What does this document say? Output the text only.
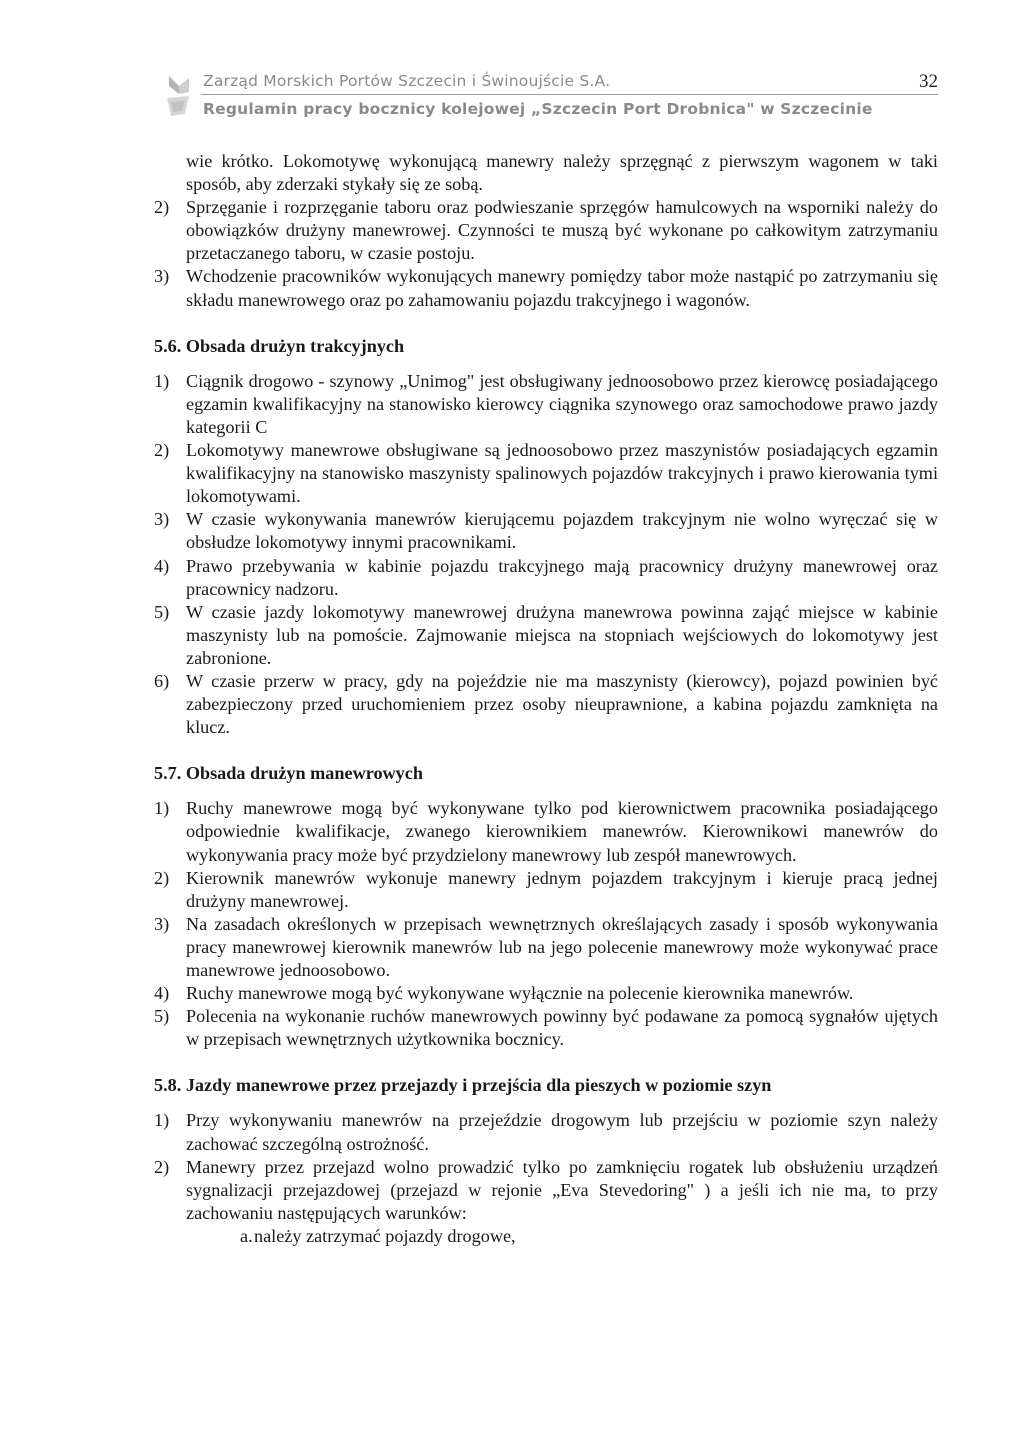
Zarząd Morskich Portów Szczecin i Świnoujście S.A.	32
Regulamin pracy bocznicy kolejowej „Szczecin Port Drobnica" w Szczecinie

wie krótko. Lokomotywę wykonującą manewry należy sprzęgnąć z pierwszym wagonem w taki sposób, aby zderzaki stykały się ze sobą.

2) Sprzęganie i rozprzęganie taboru oraz podwieszanie sprzęgów hamulcowych na wsporniki należy do obowiązków drużyny manewrowej. Czynności te muszą być wykonane po całkowitym zatrzymaniu przetaczanego taboru, w czasie postoju.
3) Wchodzenie pracowników wykonujących manewry pomiędzy tabor może nastąpić po zatrzymaniu się składu manewrowego oraz po zahamowaniu pojazdu trakcyjnego i wagonów.

5.6. Obsada drużyn trakcyjnych

1) Ciągnik drogowo - szynowy „Unimog" jest obsługiwany jednoosobowo przez kierowcę posiadającego egzamin kwalifikacyjny na stanowisko kierowcy ciągnika szynowego oraz samochodowe prawo jazdy kategorii C
2) Lokomotywy manewrowe obsługiwane są jednoosobowo przez maszynistów posiadających egzamin kwalifikacyjny na stanowisko maszynisty spalinowych pojazdów trakcyjnych i prawo kierowania tymi lokomotywami.
3) W czasie wykonywania manewrów kierującemu pojazdem trakcyjnym nie wolno wyręczać się w obsłudze lokomotywy innymi pracownikami.
4) Prawo przebywania w kabinie pojazdu trakcyjnego mają pracownicy drużyny manewrowej oraz pracownicy nadzoru.
5) W czasie jazdy lokomotywy manewrowej drużyna manewrowa powinna zająć miejsce w kabinie maszynisty lub na pomoście. Zajmowanie miejsca na stopniach wejściowych do lokomotywy jest zabronione.
6) W czasie przerw w pracy, gdy na pojeździe nie ma maszynisty (kierowcy), pojazd powinien być zabezpieczony przed uruchomieniem przez osoby nieuprawnione, a kabina pojazdu zamknięta na klucz.

5.7. Obsada drużyn manewrowych

1) Ruchy manewrowe mogą być wykonywane tylko pod kierownictwem pracownika posiadającego odpowiednie kwalifikacje, zwanego kierownikiem manewrów. Kierownikowi manewrów do wykonywania pracy może być przydzielony manewrowy lub zespół manewrowych.
2) Kierownik manewrów wykonuje manewry jednym pojazdem trakcyjnym i kieruje pracą jednej drużyny manewrowej.
3) Na zasadach określonych w przepisach wewnętrznych określających zasady i sposób wykonywania pracy manewrowej kierownik manewrów lub na jego polecenie manewrowy może wykonywać prace manewrowe jednoosobowo.
4) Ruchy manewrowe mogą być wykonywane wyłącznie na polecenie kierownika manewrów.
5) Polecenia na wykonanie ruchów manewrowych powinny być podawane za pomocą sygnałów ujętych w przepisach wewnętrznych użytkownika bocznicy.

5.8. Jazdy manewrowe przez przejazdy i przejścia dla pieszych w poziomie szyn

1) Przy wykonywaniu manewrów na przejeździe drogowym lub przejściu w poziomie szyn należy zachować szczególną ostrożność.
2) Manewry przez przejazd wolno prowadzić tylko po zamknięciu rogatek lub obsłużeniu urządzeń sygnalizacji przejazdowej (przejazd w rejonie „Eva Stevedoring" ) a jeśli ich nie ma, to przy zachowaniu następujących warunków:
a. należy zatrzymać pojazdy drogowe,
